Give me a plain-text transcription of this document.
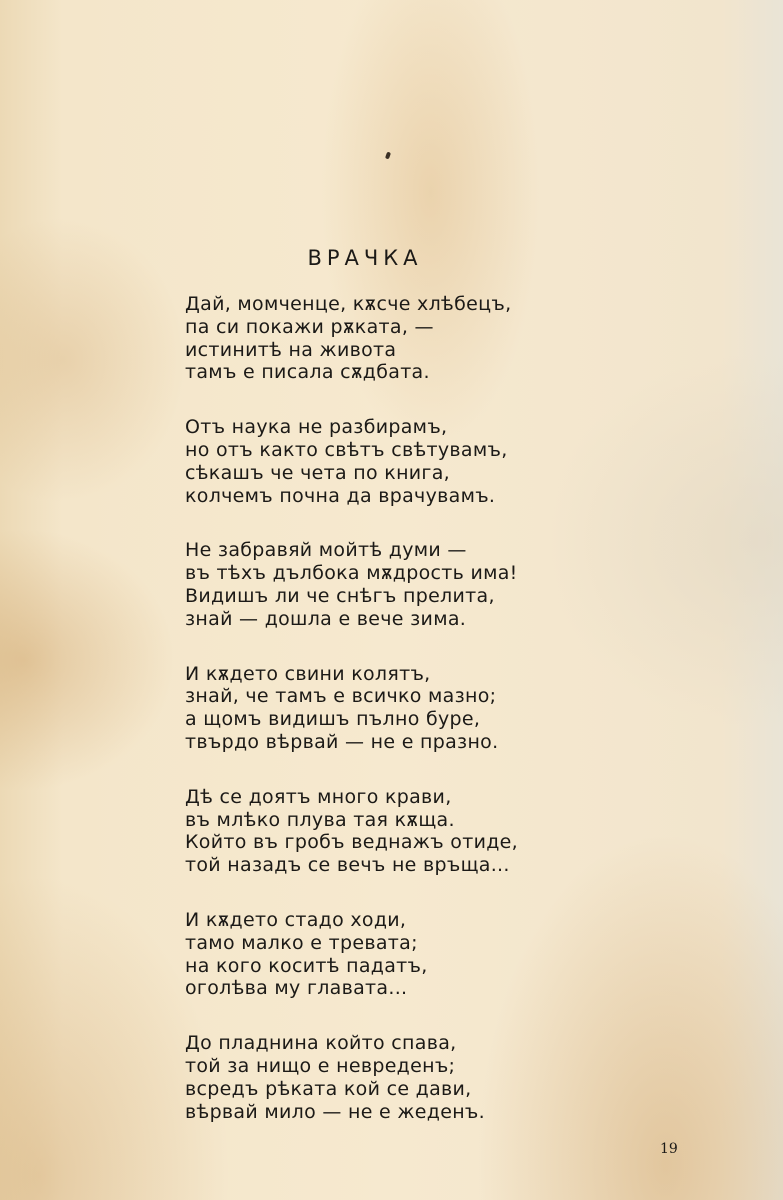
ВРАЧКА
Дай, момченце, кѫсче хлѣбецъ,
па си покажи рѫката, —
истинитѣ на живота
тамъ е писала сѫдбата.
Отъ наука не разбирамъ,
но отъ както свѣтъ свѣтувамъ,
сѣкашъ че чета по книга,
колчемъ почна да врачувамъ.
Не забравяй мойтѣ думи —
въ тѣхъ дълбока мѫдрость има!
Видишъ ли че снѣгъ прелита,
знай — дошла е вече зима.
И кѫдето свини колятъ,
знай, че тамъ е всичко мазно;
а щомъ видишъ пълно буре,
твърдо вѣрвай — не е празно.
Дѣ се доятъ много крави,
въ млѣко плува тая кѫща.
Който въ гробъ веднажъ отиде,
той назадъ се вечъ не връща...
И кѫдето стадо ходи,
тамо малко е тревата;
на кого коситѣ падатъ,
оголѣва му главата...
До пладнина който спава,
той за нищо е невреденъ;
всредъ рѣката кой се дави,
вѣрвай мило — не е жеденъ.
19
